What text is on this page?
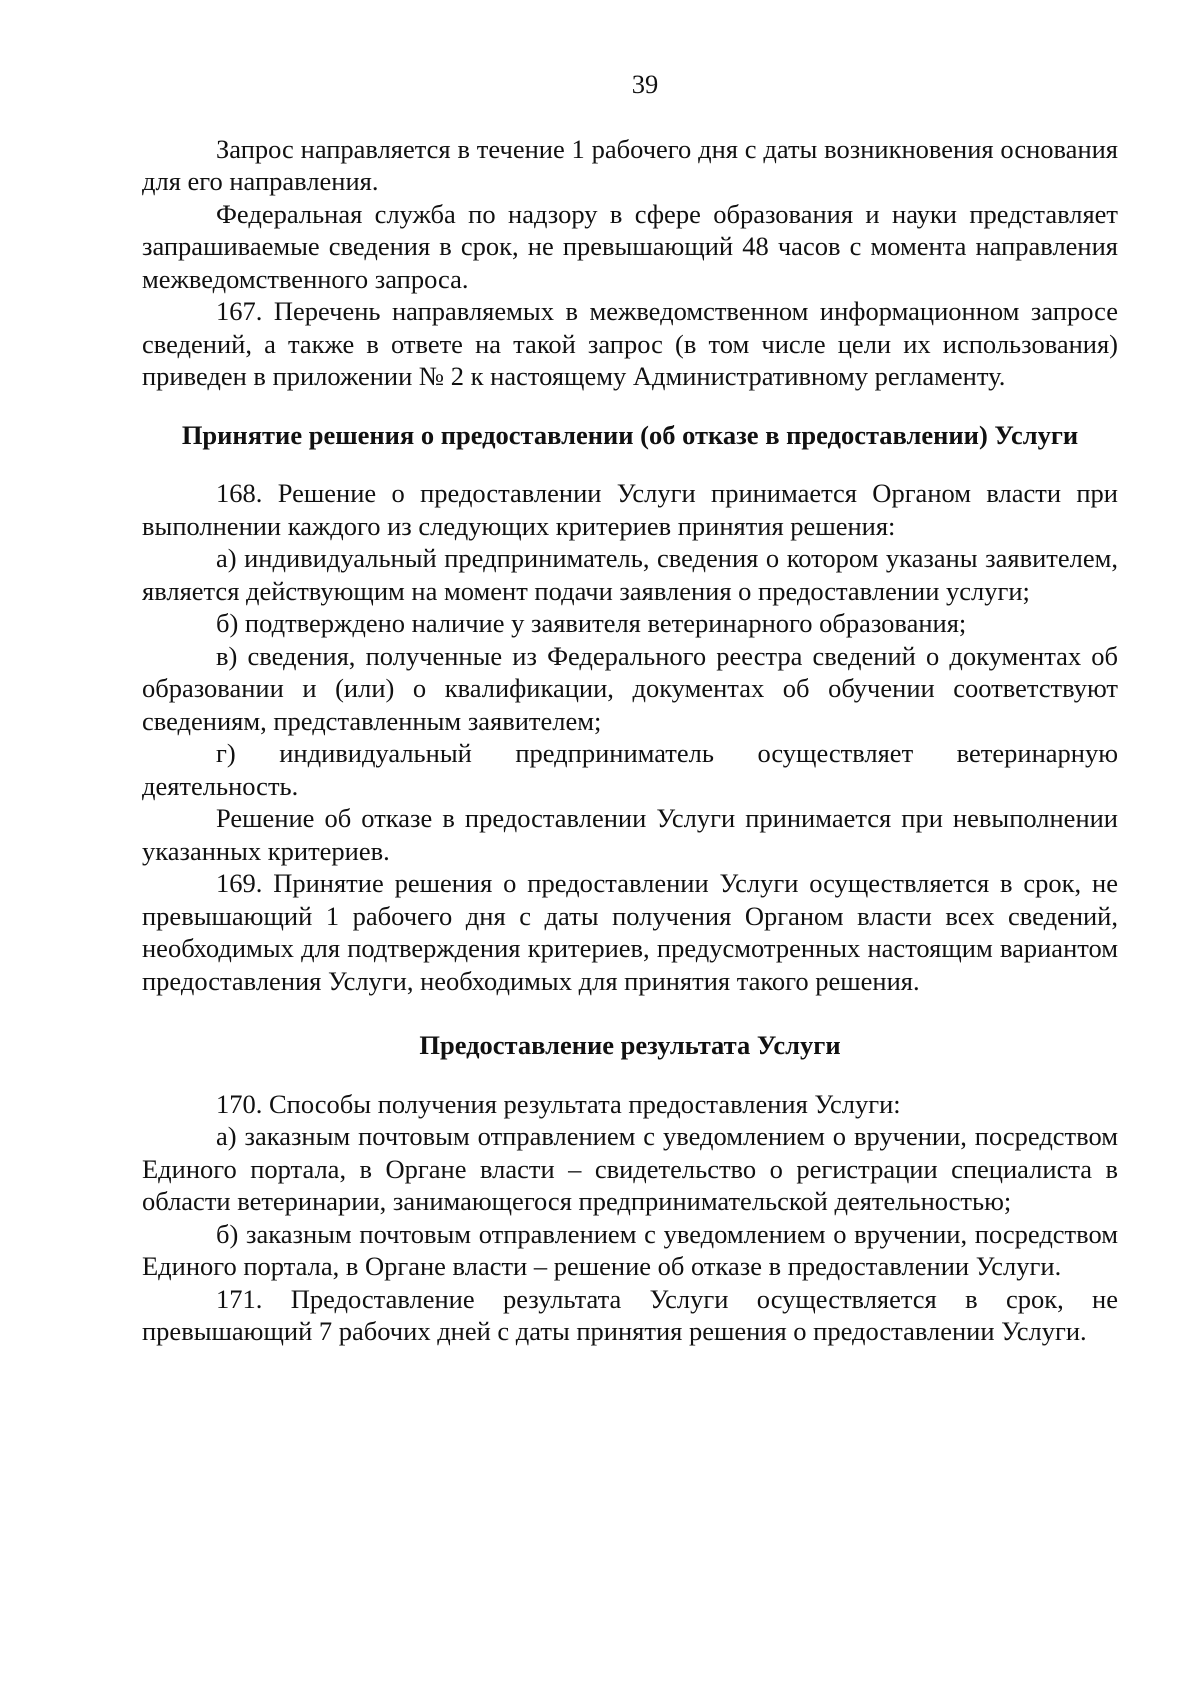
39

Запрос направляется в течение 1 рабочего дня с даты возникновения основания для его направления.

Федеральная служба по надзору в сфере образования и науки представляет запрашиваемые сведения в срок, не превышающий 48 часов с момента направления межведомственного запроса.

167. Перечень направляемых в межведомственном информационном запросе сведений, а также в ответе на такой запрос (в том числе цели их использования) приведен в приложении № 2 к настоящему Административному регламенту.

Принятие решения о предоставлении (об отказе в предоставлении) Услуги

168. Решение о предоставлении Услуги принимается Органом власти при выполнении каждого из следующих критериев принятия решения:

а) индивидуальный предприниматель, сведения о котором указаны заявителем, является действующим на момент подачи заявления о предоставлении услуги;

б) подтверждено наличие у заявителя ветеринарного образования;

в) сведения, полученные из Федерального реестра сведений о документах об образовании и (или) о квалификации, документах об обучении соответствуют сведениям, представленным заявителем;

г) индивидуальный предприниматель осуществляет ветеринарную деятельность.

Решение об отказе в предоставлении Услуги принимается при невыполнении указанных критериев.

169. Принятие решения о предоставлении Услуги осуществляется в срок, не превышающий 1 рабочего дня с даты получения Органом власти всех сведений, необходимых для подтверждения критериев, предусмотренных настоящим вариантом предоставления Услуги, необходимых для принятия такого решения.

Предоставление результата Услуги

170. Способы получения результата предоставления Услуги:

а) заказным почтовым отправлением с уведомлением о вручении, посредством Единого портала, в Органе власти – свидетельство о регистрации специалиста в области ветеринарии, занимающегося предпринимательской деятельностью;

б) заказным почтовым отправлением с уведомлением о вручении, посредством Единого портала, в Органе власти – решение об отказе в предоставлении Услуги.

171. Предоставление результата Услуги осуществляется в срок, не превышающий 7 рабочих дней с даты принятия решения о предоставлении Услуги.
